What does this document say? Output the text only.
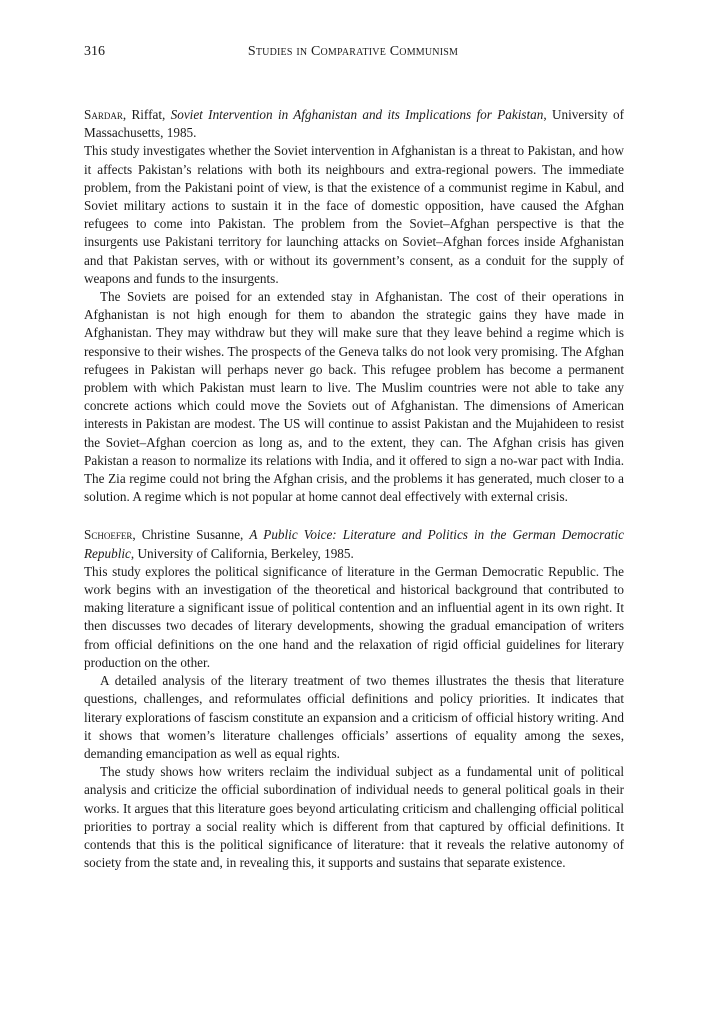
316	Studies in Comparative Communism

Sardar, Riffat, Soviet Intervention in Afghanistan and its Implications for Pakistan, University of Massachusetts, 1985.

This study investigates whether the Soviet intervention in Afghanistan is a threat to Pakistan, and how it affects Pakistan’s relations with both its neighbours and extra-regional powers. The immediate problem, from the Pakistani point of view, is that the existence of a communist regime in Kabul, and Soviet military actions to sustain it in the face of domestic opposition, have caused the Afghan refugees to come into Pakistan. The problem from the Soviet–Afghan perspective is that the insurgents use Pakistani territory for launching attacks on Soviet–Afghan forces inside Afghanistan and that Pakistan serves, with or without its government’s consent, as a conduit for the supply of weapons and funds to the insurgents.

The Soviets are poised for an extended stay in Afghanistan. The cost of their operations in Afghanistan is not high enough for them to abandon the strategic gains they have made in Afghanistan. They may withdraw but they will make sure that they leave behind a regime which is responsive to their wishes. The prospects of the Geneva talks do not look very promising. The Afghan refugees in Pakistan will perhaps never go back. This refugee problem has become a permanent problem with which Pakistan must learn to live. The Muslim countries were not able to take any concrete actions which could move the Soviets out of Afghanistan. The dimensions of American interests in Pakistan are modest. The US will continue to assist Pakistan and the Mujahideen to resist the Soviet–Afghan coercion as long as, and to the extent, they can. The Afghan crisis has given Pakistan a reason to normalize its relations with India, and it offered to sign a no-war pact with India. The Zia regime could not bring the Afghan crisis, and the problems it has generated, much closer to a solution. A regime which is not popular at home cannot deal effectively with external crisis.

Schoefer, Christine Susanne, A Public Voice: Literature and Politics in the German Democratic Republic, University of California, Berkeley, 1985.

This study explores the political significance of literature in the German Democratic Republic. The work begins with an investigation of the theoretical and historical background that contributed to making literature a significant issue of political contention and an influential agent in its own right. It then discusses two decades of literary developments, showing the gradual emancipation of writers from official definitions on the one hand and the relaxation of rigid official guidelines for literary production on the other.

A detailed analysis of the literary treatment of two themes illustrates the thesis that literature questions, challenges, and reformulates official definitions and policy priorities. It indicates that literary explorations of fascism constitute an expansion and a criticism of official history writing. And it shows that women’s literature challenges officials’ assertions of equality among the sexes, demanding emancipation as well as equal rights.

The study shows how writers reclaim the individual subject as a fundamental unit of political analysis and criticize the official subordination of individual needs to general political goals in their works. It argues that this literature goes beyond articulating criticism and challenging official political priorities to portray a social reality which is different from that captured by official definitions. It contends that this is the political significance of literature: that it reveals the relative autonomy of society from the state and, in revealing this, it supports and sustains that separate existence.
